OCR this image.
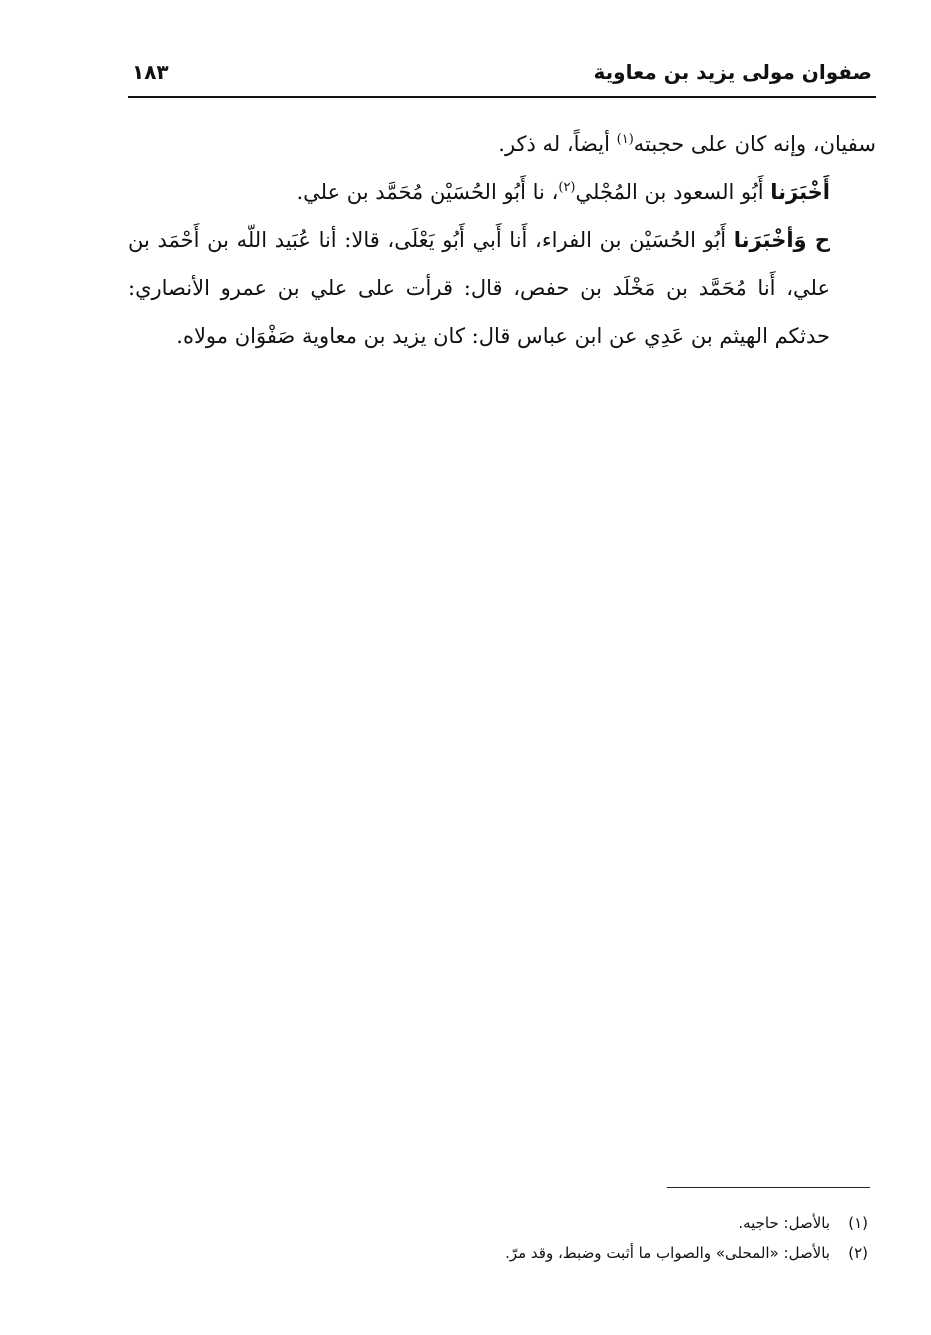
صفوان مولى يزيد بن معاوية
١٨٣

سفيان، وإنه كان على حجبته$^{(١)}$ أيضاً، له ذكر.

أَخْبَرَنا أَبُو السعود بن المُجْلي$^{(٢)}$، نا أَبُو الحُسَيْن مُحَمَّد بن علي.

ح وَأخْبَرَنا أَبُو الحُسَيْن بن الفراء، أَنا أَبي أَبُو يَعْلَى، قالا: أنا عُبَيد اللّه بن أَحْمَد بن علي، أَنا مُحَمَّد بن مَخْلَد بن حفص، قال: قرأت على علي بن عمرو الأنصاري: حدثكم الهيثم بن عَدِي عن ابن عباس قال: كان يزيد بن معاوية صَفْوَان مولاه.

(١)
بالأصل: حاجيه.
(٢)
بالأصل: «المحلى» والصواب ما أثبت وضبط، وقد مرّ.
